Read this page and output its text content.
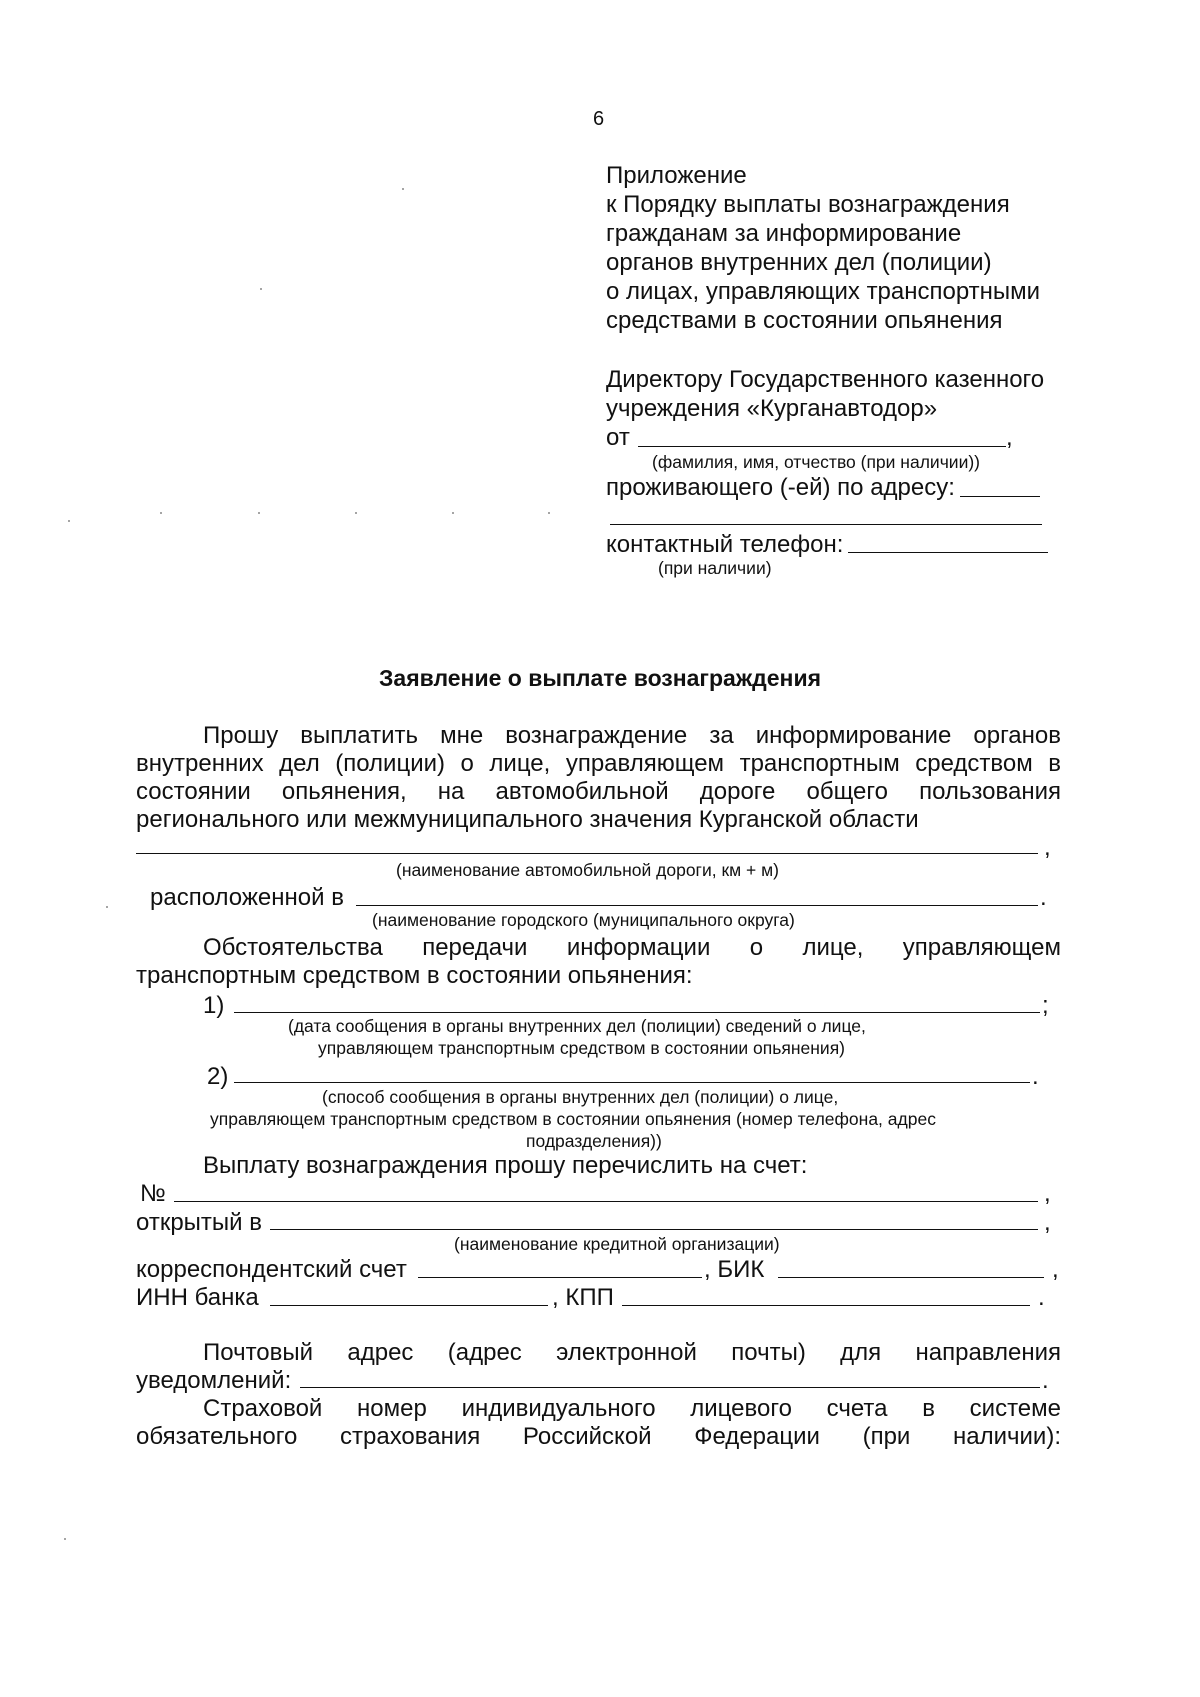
6
Приложение
к Порядку выплаты вознаграждения
гражданам за информирование
органов внутренних дел (полиции)
о лицах, управляющих транспортными
средствами в состоянии опьянения
Директору Государственного казенного
учреждения «Курганавтодор»
от	,
(фамилия, имя, отчество (при наличии))
проживающего (-ей) по адресу:
контактный телефон:
(при наличии)
Заявление о выплате вознаграждения
Прошу выплатить мне вознаграждение за информирование органов
внутренних дел (полиции) о лице, управляющем транспортным средством в
состоянии опьянения, на автомобильной дороге общего пользования
регионального или межмуниципального значения Курганской области
,
(наименование автомобильной дороги, км + м)
расположенной в	.
(наименование городского (муниципального округа)
Обстоятельства передачи информации о лице, управляющем
транспортным средством в состоянии опьянения:
1)	;
(дата сообщения в органы внутренних дел (полиции) сведений о лице,
управляющем транспортным средством в состоянии опьянения)
2)	.
(способ сообщения в органы внутренних дел (полиции) о лице,
управляющем транспортным средством в состоянии опьянения (номер телефона, адрес
подразделения))
Выплату вознаграждения прошу перечислить на счет:
№	,
открытый в	,
(наименование кредитной организации)
корреспондентский счет	, БИК	,
ИНН банка	, КПП	.
Почтовый адрес (адрес электронной почты) для направления
уведомлений:	.
Страховой номер индивидуального лицевого счета в системе
обязательного страхования Российской Федерации (при наличии):
